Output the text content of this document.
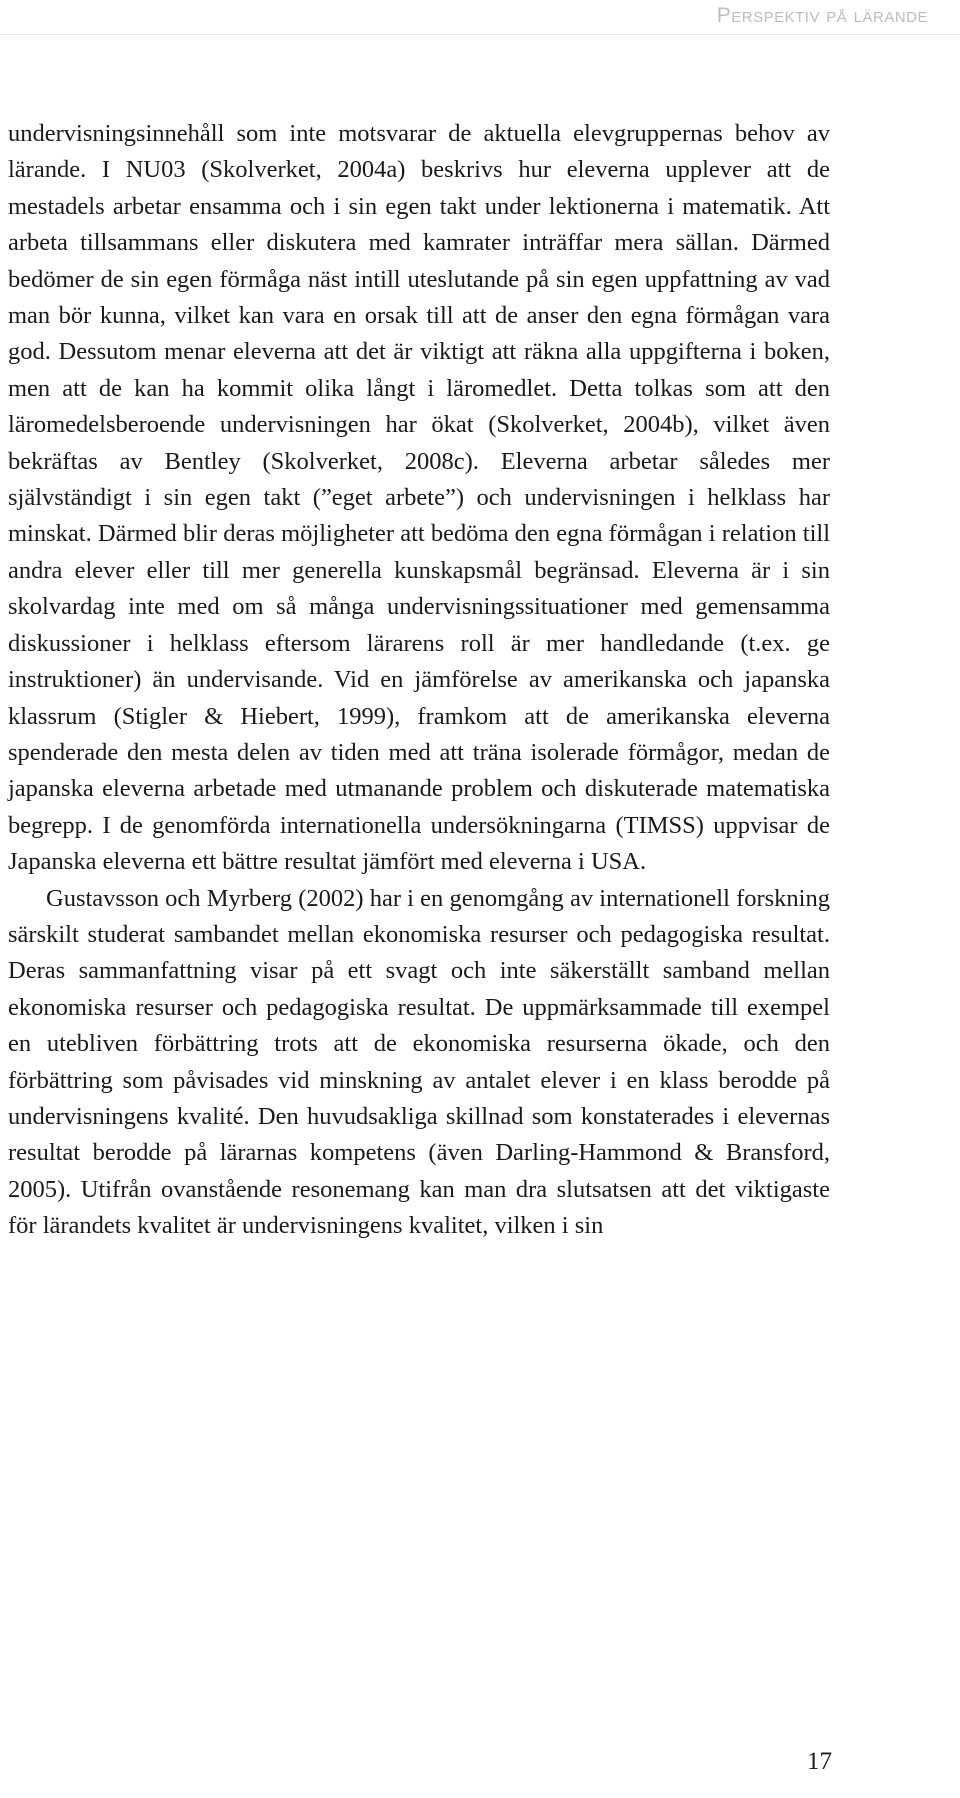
Perspektiv på lärande

undervisningsinnehåll som inte motsvarar de aktuella elevgruppernas behov av lärande. I NU03 (Skolverket, 2004a) beskrivs hur eleverna upplever att de mestadels arbetar ensamma och i sin egen takt under lektionerna i matematik. Att arbeta tillsammans eller diskutera med kamrater inträffar mera sällan. Därmed bedömer de sin egen förmåga näst intill uteslutande på sin egen uppfattning av vad man bör kunna, vilket kan vara en orsak till att de anser den egna förmågan vara god. Dessutom menar eleverna att det är viktigt att räkna alla uppgifterna i boken, men att de kan ha kommit olika långt i läromedlet. Detta tolkas som att den läromedelsberoende undervisningen har ökat (Skolverket, 2004b), vilket även bekräftas av Bentley (Skolverket, 2008c). Eleverna arbetar således mer självständigt i sin egen takt (”eget arbete”) och undervisningen i helklass har minskat. Därmed blir deras möjligheter att bedöma den egna förmågan i relation till andra elever eller till mer generella kunskapsmål begränsad. Eleverna är i sin skolvardag inte med om så många undervisningssituationer med gemensamma diskussioner i helklass eftersom lärarens roll är mer handledande (t.ex. ge instruktioner) än undervisande. Vid en jämförelse av amerikanska och japanska klassrum (Stigler & Hiebert, 1999), framkom att de amerikanska eleverna spenderade den mesta delen av tiden med att träna isolerade förmågor, medan de japanska eleverna arbetade med utmanande problem och diskuterade matematiska begrepp. I de genomförda internationella undersökningarna (TIMSS) uppvisar de Japanska eleverna ett bättre resultat jämfört med eleverna i USA.

Gustavsson och Myrberg (2002) har i en genomgång av internationell forskning särskilt studerat sambandet mellan ekonomiska resurser och pedagogiska resultat. Deras sammanfattning visar på ett svagt och inte säkerställt samband mellan ekonomiska resurser och pedagogiska resultat. De uppmärksammade till exempel en utebliven förbättring trots att de ekonomiska resurserna ökade, och den förbättring som påvisades vid minskning av antalet elever i en klass berodde på undervisningens kvalité. Den huvudsakliga skillnad som konstaterades i elevernas resultat berodde på lärarnas kompetens (även Darling-Hammond & Bransford, 2005). Utifrån ovanstående resonemang kan man dra slutsatsen att det viktigaste för lärandets kvalitet är undervisningens kvalitet, vilken i sin

17
